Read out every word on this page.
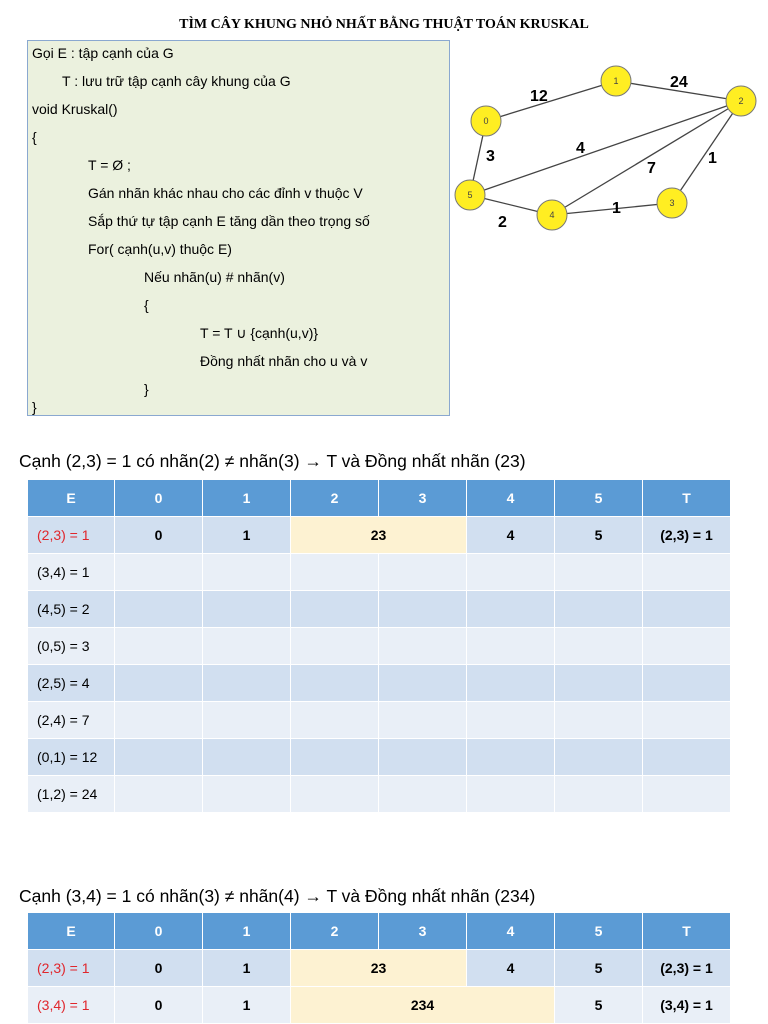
TÌM CÂY KHUNG NHỎ NHẤT BẰNG THUẬT TOÁN KRUSKAL
Gọi E : tập cạnh của G
T : lưu trữ tập cạnh cây khung của G
void Kruskal()
{
T = Ø ;
Gán nhãn khác nhau cho các đỉnh v thuộc V
Sắp thứ tự tập cạnh E tăng dần theo trọng số
For( cạnh(u,v) thuộc E)
Nếu nhãn(u) # nhãn(v)
{
T = T ∪ {cạnh(u,v)}
Đồng nhất nhãn cho u và v
}
}
12
24
3	4
7
1
2
1
0
1
2
3
4
5
Cạnh (2,3) = 1 có nhãn(2) ≠ nhãn(3) → T và Đồng nhất nhãn (23)
E	0	1	2	3	4	5	T
(2,3) = 1	0	1	23		4	5	(2,3) = 1
(3,4) = 1							
(4,5) = 2							
(0,5) = 3							
(2,5) = 4							
(2,4) = 7							
(0,1) = 12							
(1,2) = 24							
Cạnh (3,4) = 1 có nhãn(3) ≠ nhãn(4) → T và Đồng nhất nhãn (234)
E	0	1	2	3	4	5	T
(2,3) = 1	0	1	23		4	5	(2,3) = 1
(3,4) = 1	0	1	234			5	(3,4) = 1
